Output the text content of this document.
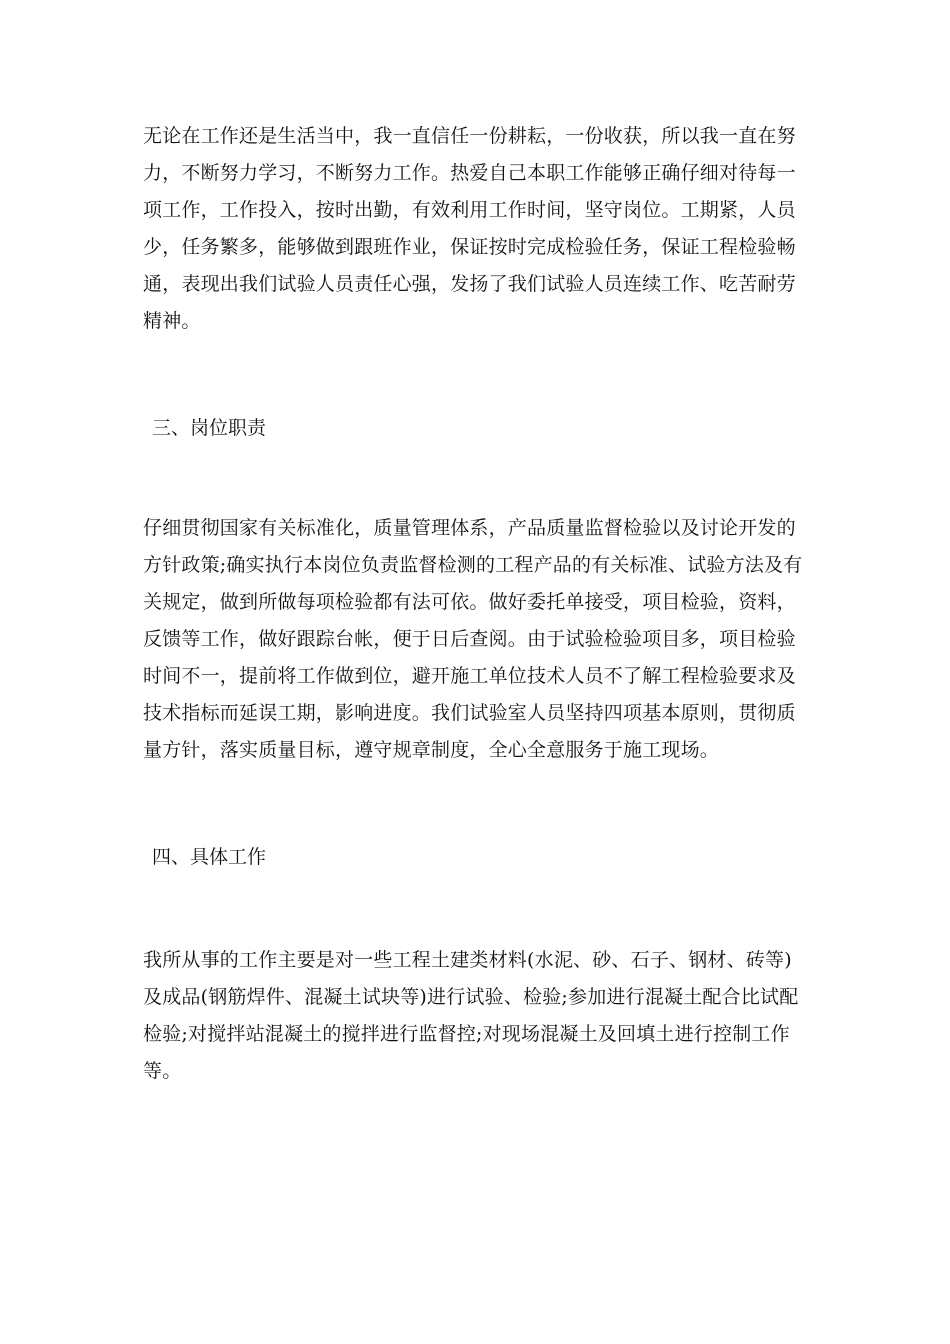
无论在工作还是生活当中，我一直信任一份耕耘，一份收获，所以我一直在努
力，不断努力学习，不断努力工作。热爱自己本职工作能够正确仔细对待每一
项工作，工作投入，按时出勤，有效利用工作时间，坚守岗位。工期紧，人员
少，任务繁多，能够做到跟班作业，保证按时完成检验任务，保证工程检验畅
通，表现出我们试验人员责任心强，发扬了我们试验人员连续工作、吃苦耐劳
精神。
三、岗位职责
仔细贯彻国家有关标准化，质量管理体系，产品质量监督检验以及讨论开发的
方针政策;确实执行本岗位负责监督检测的工程产品的有关标准、试验方法及有
关规定，做到所做每项检验都有法可依。做好委托单接受，项目检验，资料，
反馈等工作，做好跟踪台帐，便于日后查阅。由于试验检验项目多，项目检验
时间不一，提前将工作做到位，避开施工单位技术人员不了解工程检验要求及
技术指标而延误工期，影响进度。我们试验室人员坚持四项基本原则，贯彻质
量方针，落实质量目标，遵守规章制度，全心全意服务于施工现场。
四、具体工作
我所从事的工作主要是对一些工程土建类材料(水泥、砂、石子、钢材、砖等)
及成品(钢筋焊件、混凝土试块等)进行试验、检验;参加进行混凝土配合比试配
检验;对搅拌站混凝土的搅拌进行监督控;对现场混凝土及回填土进行控制工作
等。
